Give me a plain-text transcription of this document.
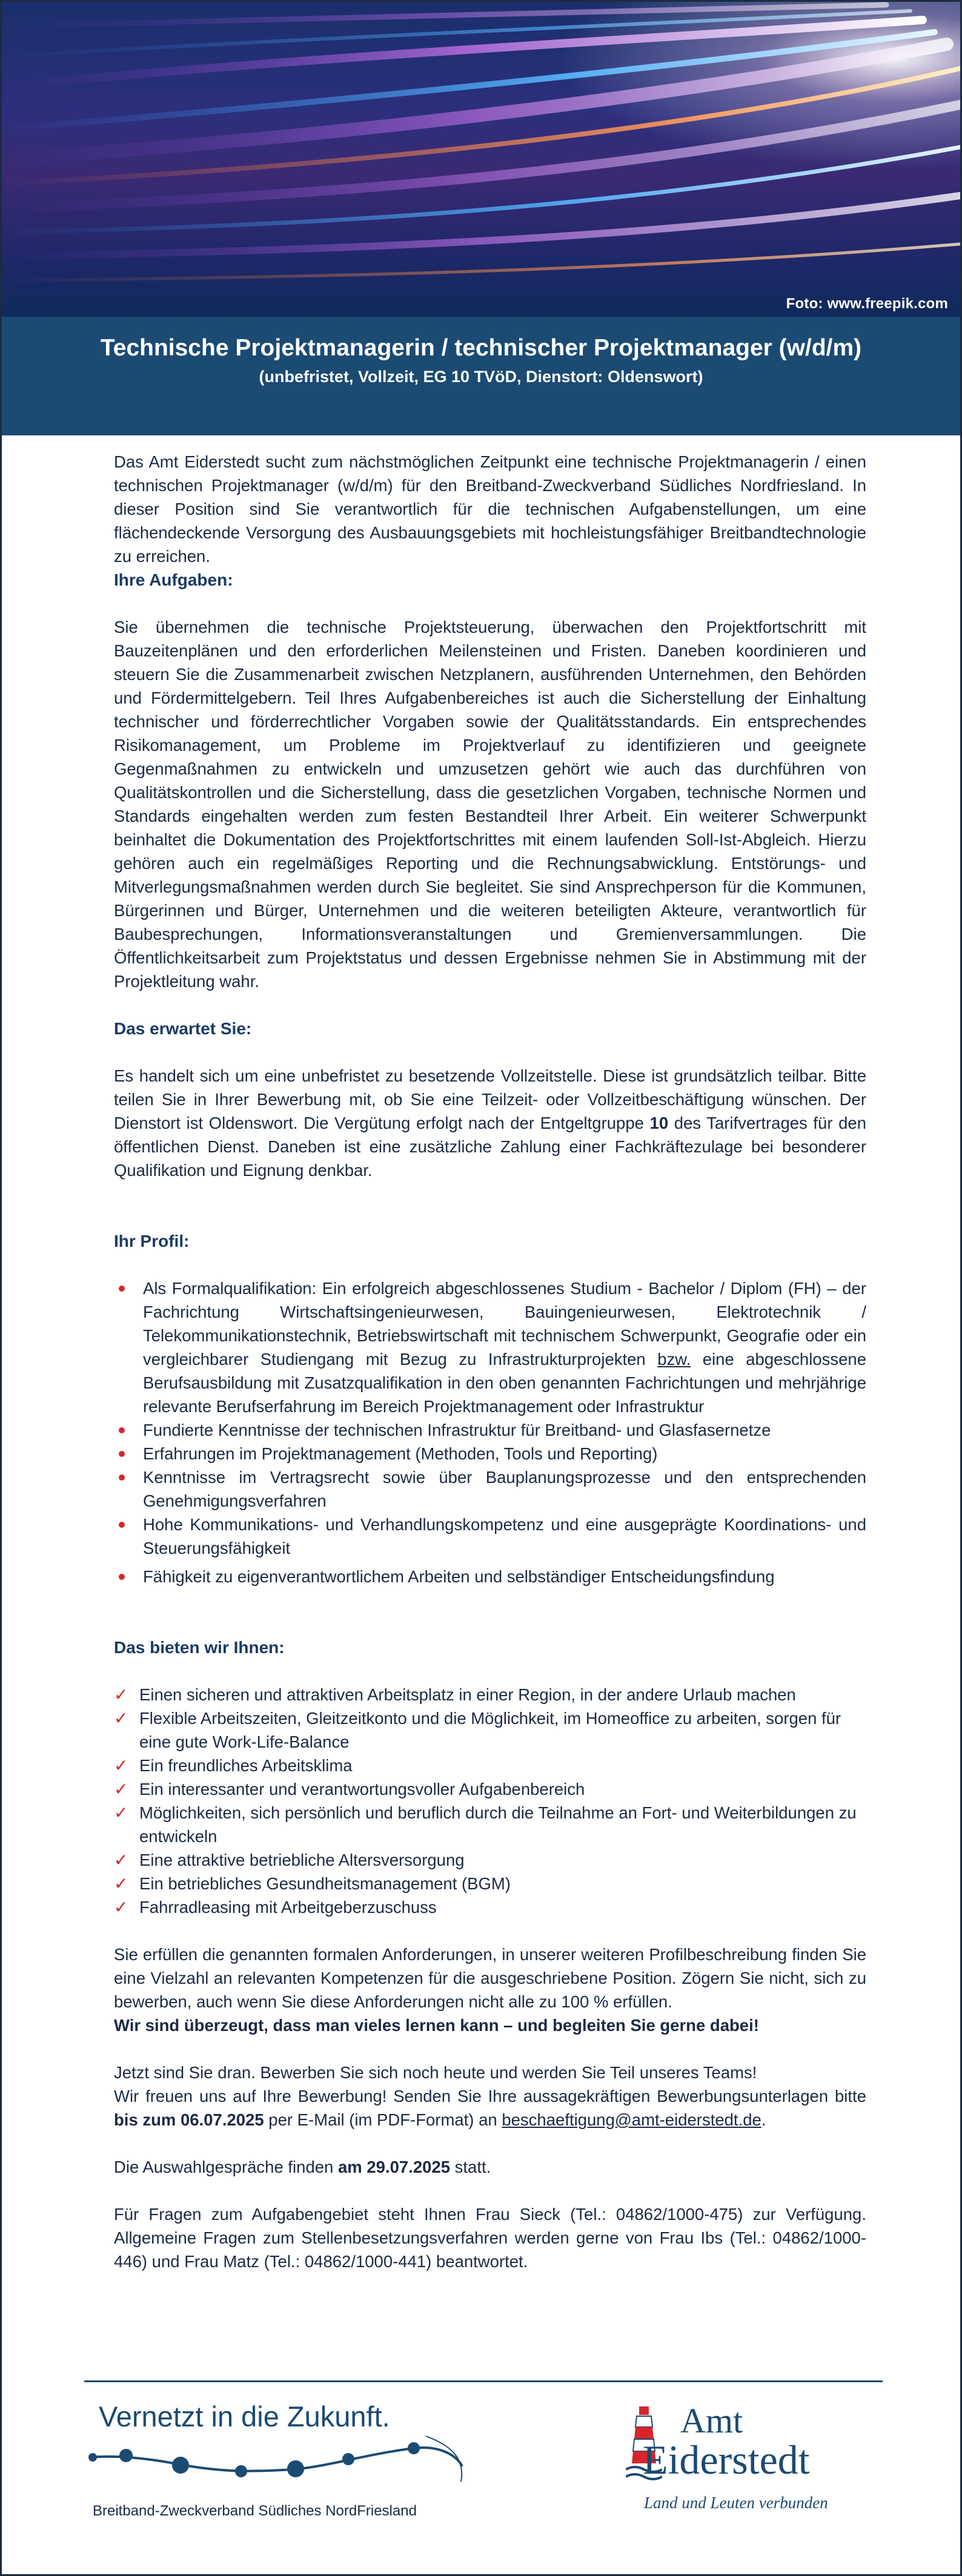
Foto: www.freepik.com
Technische Projektmanagerin / technischer Projektmanager (w/d/m)
(unbefristet, Vollzeit, EG 10 TVöD, Dienstort: Oldenswort)

Das Amt Eiderstedt sucht zum nächstmöglichen Zeitpunkt eine technische Projektmanagerin / einen technischen Projektmanager (w/d/m) für den Breitband-Zweckverband Südliches Nordfriesland. In dieser Position sind Sie verantwortlich für die technischen Aufgabenstellungen, um eine flächendeckende Versorgung des Ausbauungsgebiets mit hochleistungsfähiger Breitbandtechnologie zu erreichen.

Ihre Aufgaben:

Sie übernehmen die technische Projektsteuerung, überwachen den Projektfortschritt mit Bauzeitenplänen und den erforderlichen Meilensteinen und Fristen. Daneben koordinieren und steuern Sie die Zusammenarbeit zwischen Netzplanern, ausführenden Unternehmen, den Behörden und Fördermittelgebern. Teil Ihres Aufgabenbereiches ist auch die Sicherstellung der Einhaltung technischer und förderrechtlicher Vorgaben sowie der Qualitätsstandards. Ein entsprechendes Risikomanagement, um Probleme im Projektverlauf zu identifizieren und geeignete Gegenmaßnahmen zu entwickeln und umzusetzen gehört wie auch das durchführen von Qualitätskontrollen und die Sicherstellung, dass die gesetzlichen Vorgaben, technische Normen und Standards eingehalten werden zum festen Bestandteil Ihrer Arbeit. Ein weiterer Schwerpunkt beinhaltet die Dokumentation des Projektfortschrittes mit einem laufenden Soll-Ist-Abgleich. Hierzu gehören auch ein regelmäßiges Reporting und die Rechnungsabwicklung. Entstörungs- und Mitverlegungsmaßnahmen werden durch Sie begleitet. Sie sind Ansprechperson für die Kommunen, Bürgerinnen und Bürger, Unternehmen und die weiteren beteiligten Akteure, verantwortlich für Baubesprechungen, Informationsveranstaltungen und Gremienversammlungen. Die Öffentlichkeitsarbeit zum Projektstatus und dessen Ergebnisse nehmen Sie in Abstimmung mit der Projektleitung wahr.

Das erwartet Sie:

Es handelt sich um eine unbefristet zu besetzende Vollzeitstelle. Diese ist grundsätzlich teilbar. Bitte teilen Sie in Ihrer Bewerbung mit, ob Sie eine Teilzeit- oder Vollzeitbeschäftigung wünschen. Der Dienstort ist Oldenswort. Die Vergütung erfolgt nach der Entgeltgruppe 10 des Tarifvertrages für den öffentlichen Dienst. Daneben ist eine zusätzliche Zahlung einer Fachkräftezulage bei besonderer Qualifikation und Eignung denkbar.

Ihr Profil:

Als Formalqualifikation: Ein erfolgreich abgeschlossenes Studium - Bachelor / Diplom (FH) – der Fachrichtung Wirtschaftsingenieurwesen, Bauingenieurwesen, Elektrotechnik / Telekommunikationstechnik, Betriebswirtschaft mit technischem Schwerpunkt, Geografie oder ein vergleichbarer Studiengang mit Bezug zu Infrastrukturprojekten bzw. eine abgeschlossene Berufsausbildung mit Zusatzqualifikation in den oben genannten Fachrichtungen und mehrjährige relevante Berufserfahrung im Bereich Projektmanagement oder Infrastruktur
Fundierte Kenntnisse der technischen Infrastruktur für Breitband- und Glasfasernetze
Erfahrungen im Projektmanagement (Methoden, Tools und Reporting)
Kenntnisse im Vertragsrecht sowie über Bauplanungsprozesse und den entsprechenden Genehmigungsverfahren
Hohe Kommunikations- und Verhandlungskompetenz und eine ausgeprägte Koordinations- und Steuerungsfähigkeit
Fähigkeit zu eigenverantwortlichem Arbeiten und selbständiger Entscheidungsfindung

Das bieten wir Ihnen:

✓ Einen sicheren und attraktiven Arbeitsplatz in einer Region, in der andere Urlaub machen
✓ Flexible Arbeitszeiten, Gleitzeitkonto und die Möglichkeit, im Homeoffice zu arbeiten, sorgen für eine gute Work-Life-Balance
✓ Ein freundliches Arbeitsklima
✓ Ein interessanter und verantwortungsvoller Aufgabenbereich
✓ Möglichkeiten, sich persönlich und beruflich durch die Teilnahme an Fort- und Weiterbildungen zu entwickeln
✓ Eine attraktive betriebliche Altersversorgung
✓ Ein betriebliches Gesundheitsmanagement (BGM)
✓ Fahrradleasing mit Arbeitgeberzuschuss

Sie erfüllen die genannten formalen Anforderungen, in unserer weiteren Profilbeschreibung finden Sie eine Vielzahl an relevanten Kompetenzen für die ausgeschriebene Position. Zögern Sie nicht, sich zu bewerben, auch wenn Sie diese Anforderungen nicht alle zu 100 % erfüllen.
Wir sind überzeugt, dass man vieles lernen kann – und begleiten Sie gerne dabei!

Jetzt sind Sie dran. Bewerben Sie sich noch heute und werden Sie Teil unseres Teams!
Wir freuen uns auf Ihre Bewerbung! Senden Sie Ihre aussagekräftigen Bewerbungsunterlagen bitte bis zum 06.07.2025 per E-Mail (im PDF-Format) an beschaeftigung@amt-eiderstedt.de.

Die Auswahlgespräche finden am 29.07.2025 statt.

Für Fragen zum Aufgabengebiet steht Ihnen Frau Sieck (Tel.: 04862/1000-475) zur Verfügung. Allgemeine Fragen zum Stellenbesetzungsverfahren werden gerne von Frau Ibs (Tel.: 04862/1000-446) und Frau Matz (Tel.: 04862/1000-441) beantwortet.

Vernetzt in die Zukunft.
Breitband-Zweckverband Südliches NordFriesland
Amt
Eiderstedt
Land und Leuten verbunden
